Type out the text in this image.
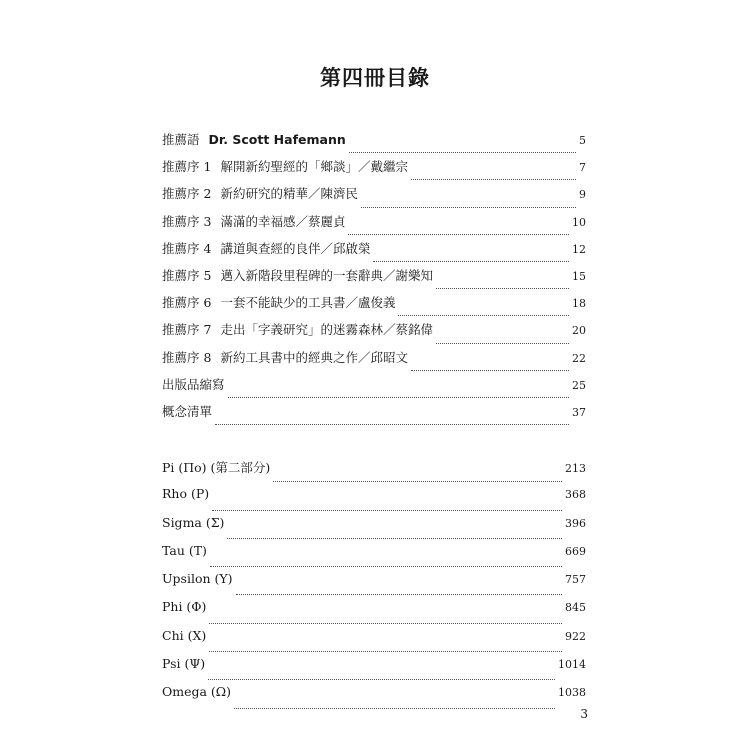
第四冊目錄
推薦語 Dr. Scott Hafemann	5
推薦序 1 解開新約聖經的「鄉談」／戴繼宗	7
推薦序 2 新約研究的精華／陳濟民	9
推薦序 3 滿滿的幸福感／蔡麗貞	10
推薦序 4 講道與查經的良伴／邱啟榮	12
推薦序 5 邁入新階段里程碑的一套辭典／謝樂知	15
推薦序 6 一套不能缺少的工具書／盧俊義	18
推薦序 7 走出「字義研究」的迷霧森林／蔡銘偉	20
推薦序 8 新約工具書中的經典之作／邱昭文	22
出版品縮寫	25
概念清單	37
Pi (Πο) (第二部分)	213
Rho (Ρ)	368
Sigma (Σ)	396
Tau (Τ)	669
Upsilon (Υ)	757
Phi (Φ)	845
Chi (Χ)	922
Psi (Ψ)	1014
Omega (Ω)	1038
3
